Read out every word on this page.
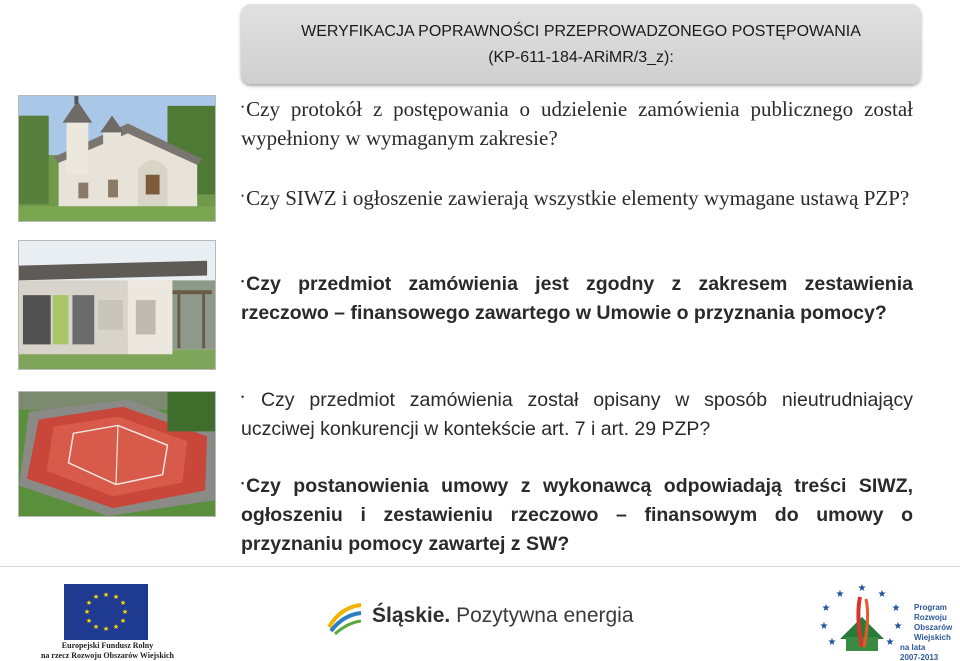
WERYFIKACJA POPRAWNOŚCI PRZEPROWADZONEGO POSTĘPOWANIA
(KP-611-184-ARiMR/3_z):
•Czy protokół z postępowania o udzielenie zamówienia publicznego został wypełniony w wymaganym zakresie?
•Czy SIWZ i ogłoszenie zawierają wszystkie elementy wymagane ustawą PZP?
• Czy przedmiot zamówienia jest zgodny z zakresem zestawienia rzeczowo – finansowego zawartego w Umowie o przyznania pomocy?
• Czy przedmiot zamówienia został opisany w sposób nieutrudniający uczciwej konkurencji w kontekście art. 7 i art. 29 PZP?
• Czy postanowienia umowy z wykonawcą odpowiadają treści SIWZ, ogłoszeniu i zestawieniu rzeczowo – finansowym do umowy o przyznaniu pomocy zawartej z SW?
★ ★
★
★
★
★
★
★
★
★
★
★
Europejski Fundusz Rolny
na rzecz Rozwoju Obszarów Wiejskich
Śląskie. Pozytywna energia
★
★
★
★
★
★
★
★
★
Program
Rozwoju
Obszarów
Wiejskich
na lata 2007-2013
